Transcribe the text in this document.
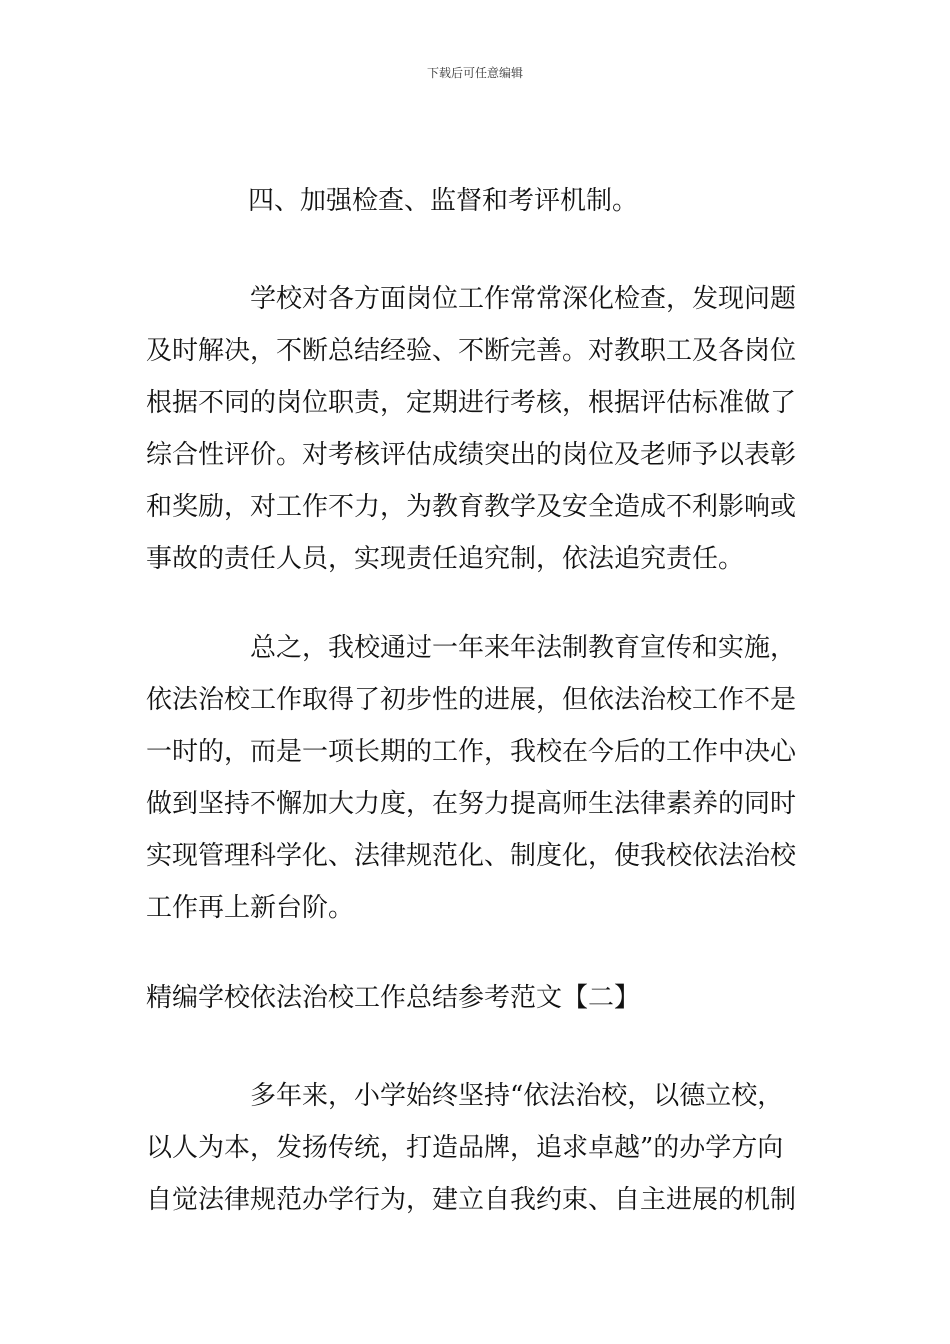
下载后可任意编辑
四、加强检查、监督和考评机制。
　　　　学校对各方面岗位工作常常深化检查，发现问题
及时解决，不断总结经验、不断完善。对教职工及各岗位
根据不同的岗位职责，定期进行考核，根据评估标准做了
综合性评价。对考核评估成绩突出的岗位及老师予以表彰
和奖励，对工作不力，为教育教学及安全造成不利影响或
事故的责任人员，实现责任追究制，依法追究责任。
　　　　总之，我校通过一年来年法制教育宣传和实施，
依法治校工作取得了初步性的进展，但依法治校工作不是
一时的，而是一项长期的工作，我校在今后的工作中决心
做到坚持不懈加大力度，在努力提高师生法律素养的同时
实现管理科学化、法律规范化、制度化，使我校依法治校
工作再上新台阶。
精编学校依法治校工作总结参考范文【二】
　　　　多年来，小学始终坚持“依法治校，以德立校，
以人为本，发扬传统，打造品牌，追求卓越”的办学方向
自觉法律规范办学行为，建立自我约束、自主进展的机制
